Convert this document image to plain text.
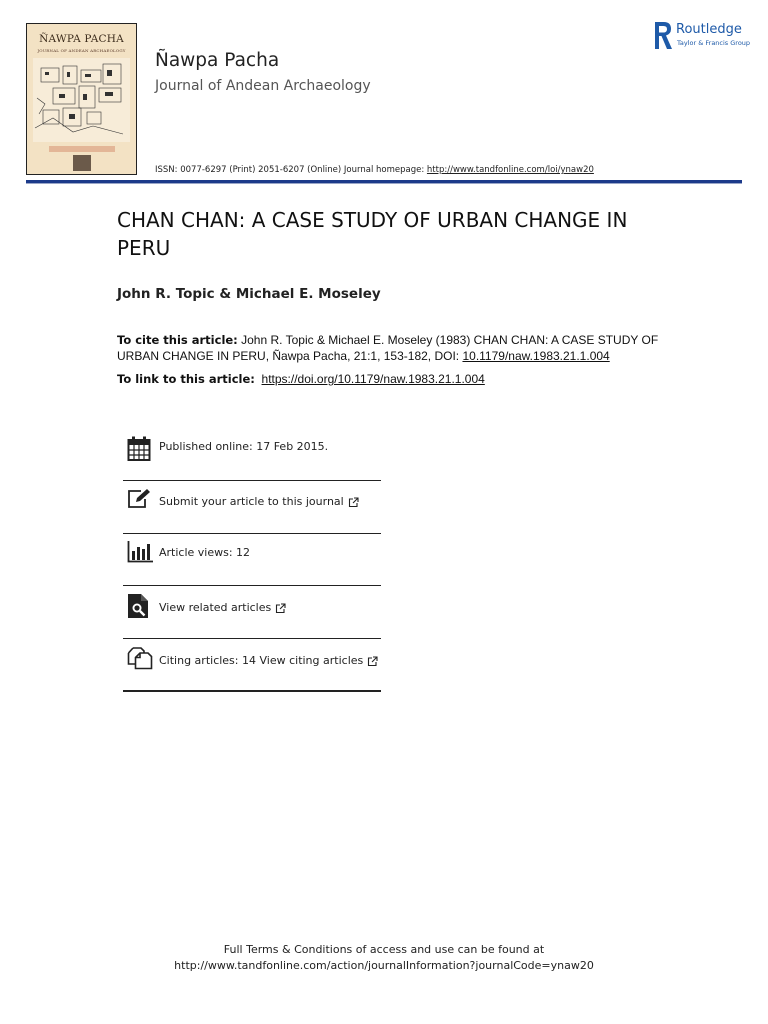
ÑAWPA PACHA
JOURNAL OF ANDEAN ARCHAEOLOGY	Ñawpa Pacha
Journal of Andean Archaeology
ISSN: 0077-6297 (Print) 2051-6207 (Online) Journal homepage: http://www.tandfonline.com/loi/ynaw20
Routledge
Taylor & Francis Group
CHAN CHAN: A CASE STUDY OF URBAN CHANGE IN PERU
John R. Topic & Michael E. Moseley
To cite this article: John R. Topic & Michael E. Moseley (1983) CHAN CHAN: A CASE STUDY OF URBAN CHANGE IN PERU, Ñawpa Pacha, 21:1, 153-182, DOI: 10.1179/naw.1983.21.1.004
To link to this article: https://doi.org/10.1179/naw.1983.21.1.004
Published online: 17 Feb 2015.
Submit your article to this journal
Article views: 12
View related articles
Citing articles: 14 View citing articles
Full Terms & Conditions of access and use can be found at
http://www.tandfonline.com/action/journalInformation?journalCode=ynaw20
